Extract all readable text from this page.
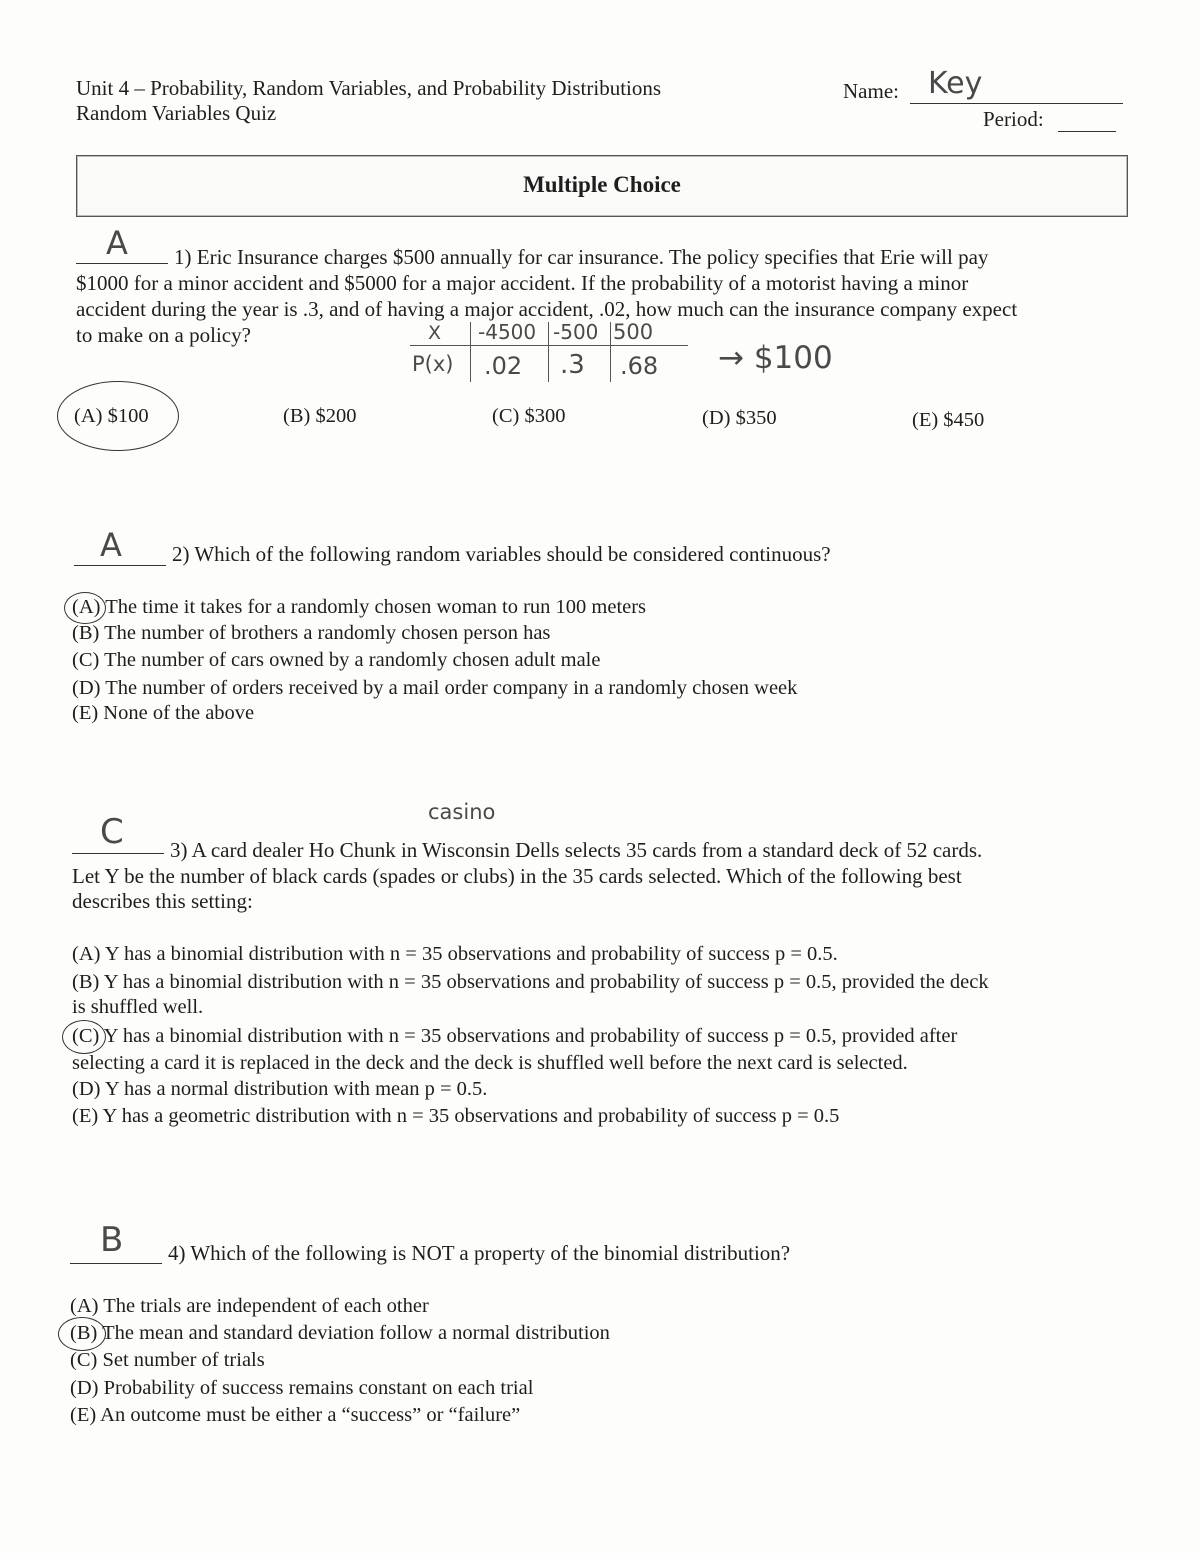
Unit 4 – Probability, Random Variables, and Probability Distributions
Random Variables Quiz
Name: Key
Period:
Multiple Choice
A 1) Eric Insurance charges $500 annually for car insurance. The policy specifies that Erie will pay
$1000 for a minor accident and $5000 for a major accident. If the probability of a motorist having a minor
accident during the year is .3, and of having a major accident, .02, how much can the insurance company expect
to make on a policy?	X -4500 -500 500
P(x) .02 .3 .68 → $100
(A) $100	(B) $200	(C) $300	(D) $350	(E) $450
A 2) Which of the following random variables should be considered continuous?
(A) The time it takes for a randomly chosen woman to run 100 meters
(B) The number of brothers a randomly chosen person has
(C) The number of cars owned by a randomly chosen adult male
(D) The number of orders received by a mail order company in a randomly chosen week
(E) None of the above
casino
C 3) A card dealer Ho Chunk in Wisconsin Dells selects 35 cards from a standard deck of 52 cards.
Let Y be the number of black cards (spades or clubs) in the 35 cards selected. Which of the following best
describes this setting:
(A) Y has a binomial distribution with n = 35 observations and probability of success p = 0.5.
(B) Y has a binomial distribution with n = 35 observations and probability of success p = 0.5, provided the deck
is shuffled well.
(C) Y has a binomial distribution with n = 35 observations and probability of success p = 0.5, provided after
selecting a card it is replaced in the deck and the deck is shuffled well before the next card is selected.
(D) Y has a normal distribution with mean p = 0.5.
(E) Y has a geometric distribution with n = 35 observations and probability of success p = 0.5
B 4) Which of the following is NOT a property of the binomial distribution?
(A) The trials are independent of each other
(B) The mean and standard deviation follow a normal distribution
(C) Set number of trials
(D) Probability of success remains constant on each trial
(E) An outcome must be either a “success” or “failure”
